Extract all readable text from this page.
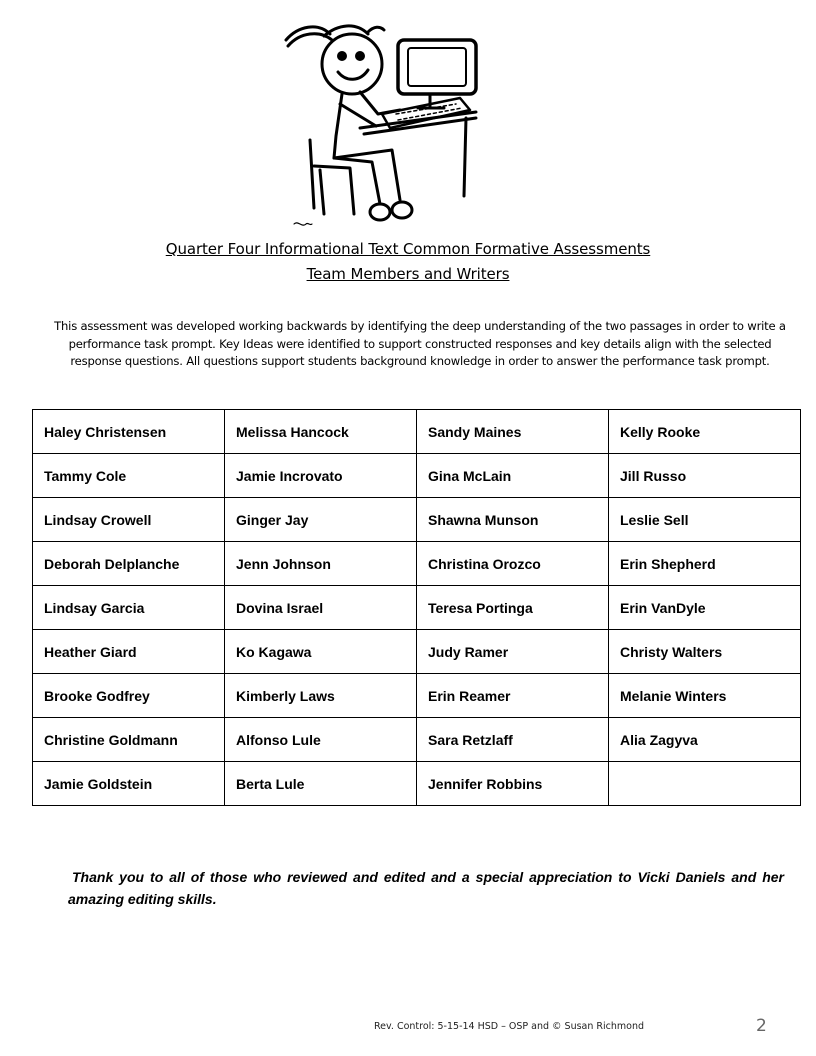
Quarter Four Informational Text Common Formative Assessments
Team Members and Writers
This assessment was developed working backwards by identifying the deep understanding of the two passages in order to write a performance task prompt. Key Ideas were identified to support constructed responses and key details align with the selected response questions. All questions support students background knowledge in order to answer the performance task prompt.
Haley Christensen	Melissa Hancock	Sandy Maines	Kelly Rooke
Tammy Cole	Jamie Incrovato	Gina McLain	Jill Russo
Lindsay Crowell	Ginger Jay	Shawna Munson	Leslie Sell
Deborah Delplanche	Jenn Johnson	Christina Orozco	Erin Shepherd
Lindsay Garcia	Dovina Israel	Teresa Portinga	Erin VanDyle
Heather Giard	Ko Kagawa	Judy Ramer	Christy Walters
Brooke Godfrey	Kimberly Laws	Erin Reamer	Melanie Winters
Christine Goldmann	Alfonso Lule	Sara Retzlaff	Alia Zagyva
Jamie Goldstein	Berta Lule	Jennifer Robbins	
Thank you to all of those who reviewed and edited and a special appreciation to Vicki Daniels and her amazing editing skills.
Rev. Control: 5-15-14 HSD – OSP and © Susan Richmond	2
